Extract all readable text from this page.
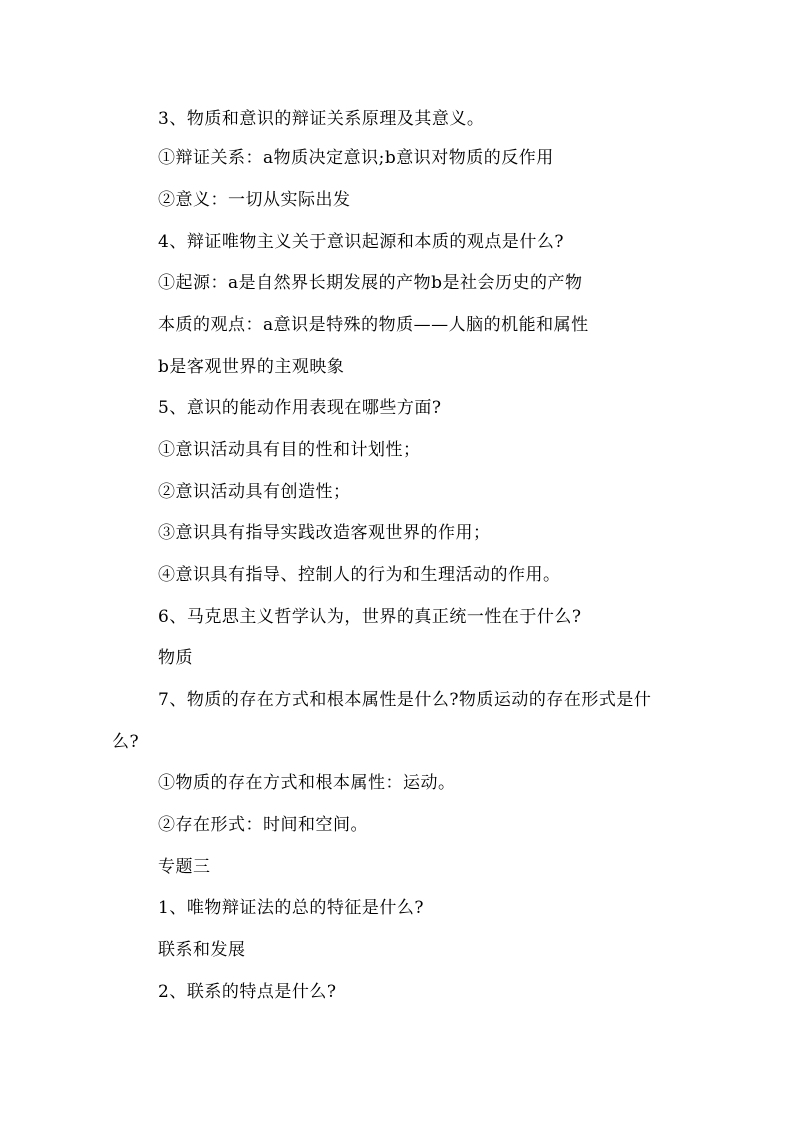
3、物质和意识的辩证关系原理及其意义。
①辩证关系：a物质决定意识;b意识对物质的反作用
②意义：一切从实际出发
4、辩证唯物主义关于意识起源和本质的观点是什么?
①起源：a是自然界长期发展的产物b是社会历史的产物
本质的观点：a意识是特殊的物质——人脑的机能和属性
b是客观世界的主观映象
5、意识的能动作用表现在哪些方面?
①意识活动具有目的性和计划性；
②意识活动具有创造性；
③意识具有指导实践改造客观世界的作用；
④意识具有指导、控制人的行为和生理活动的作用。
6、马克思主义哲学认为，世界的真正统一性在于什么?
物质
7、物质的存在方式和根本属性是什么?物质运动的存在形式是什
么?
①物质的存在方式和根本属性：运动。
②存在形式：时间和空间。
专题三
1、唯物辩证法的总的特征是什么?
联系和发展
2、联系的特点是什么?
